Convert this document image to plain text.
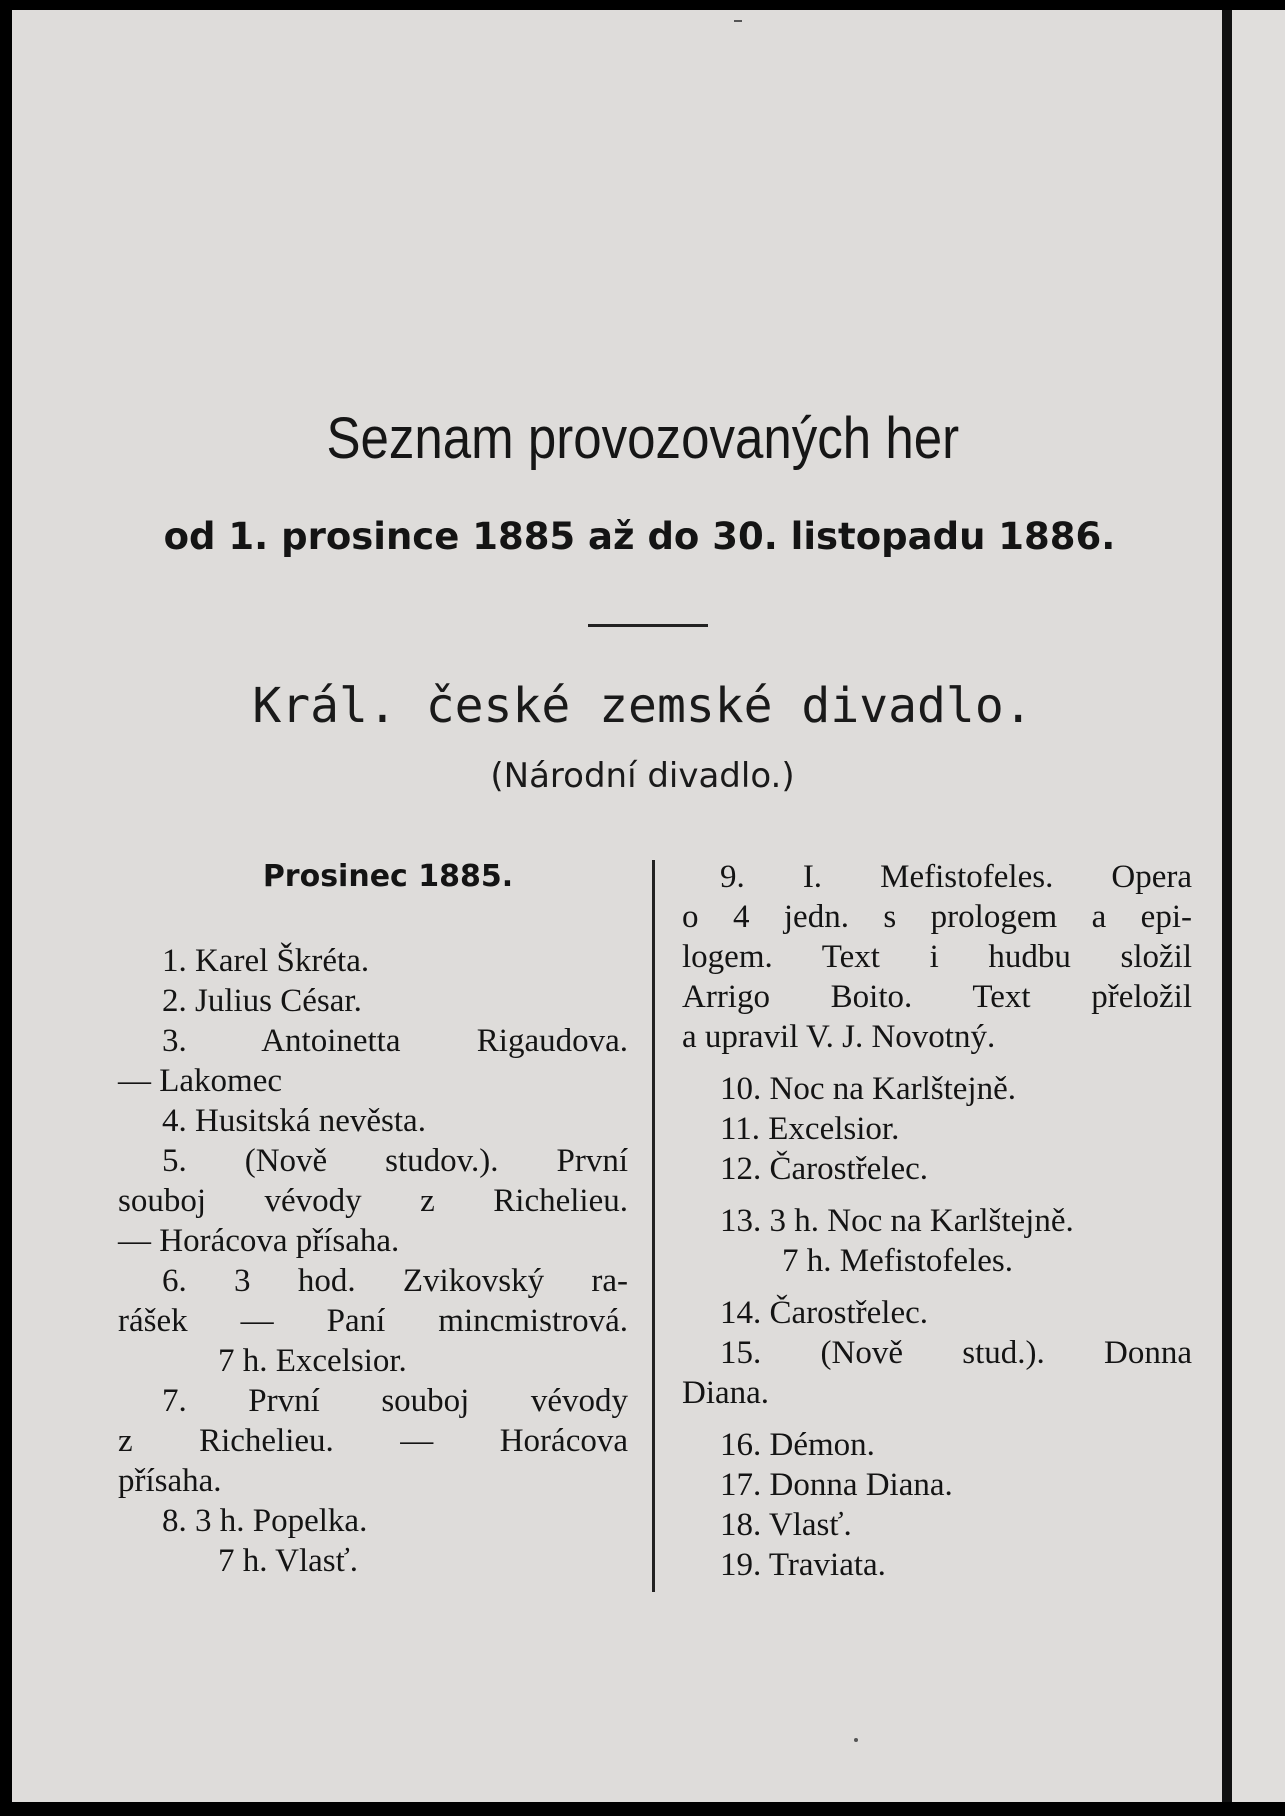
Seznam provozovaných her
od 1. prosince 1885 až do 30. listopadu 1886.
Král. české zemské divadlo.
(Národní divadlo.)
Prosinec 1885.
1. Karel Škréta.
2. Julius César.
3. Antoinetta Rigaudova.
— Lakomec
4. Husitská nevěsta.
5. (Nově studov.). První
souboj vévody z Richelieu.
— Horácova přísaha.
6. 3 hod. Zvikovský ra-
rášek — Paní mincmistrová.
7 h. Excelsior.
7. První souboj vévody
z Richelieu. — Horácova
přísaha.
8. 3 h. Popelka.
7 h. Vlasť.
9. I. Mefistofeles. Opera
o 4 jedn. s prologem a epi-
logem. Text i hudbu složil
Arrigo Boito. Text přeložil
a upravil V. J. Novotný.
10. Noc na Karlštejně.
11. Excelsior.
12. Čarostřelec.
13. 3 h. Noc na Karlštejně.
7 h. Mefistofeles.
14. Čarostřelec.
15. (Nově stud.). Donna
Diana.
16. Démon.
17. Donna Diana.
18. Vlasť.
19. Traviata.
